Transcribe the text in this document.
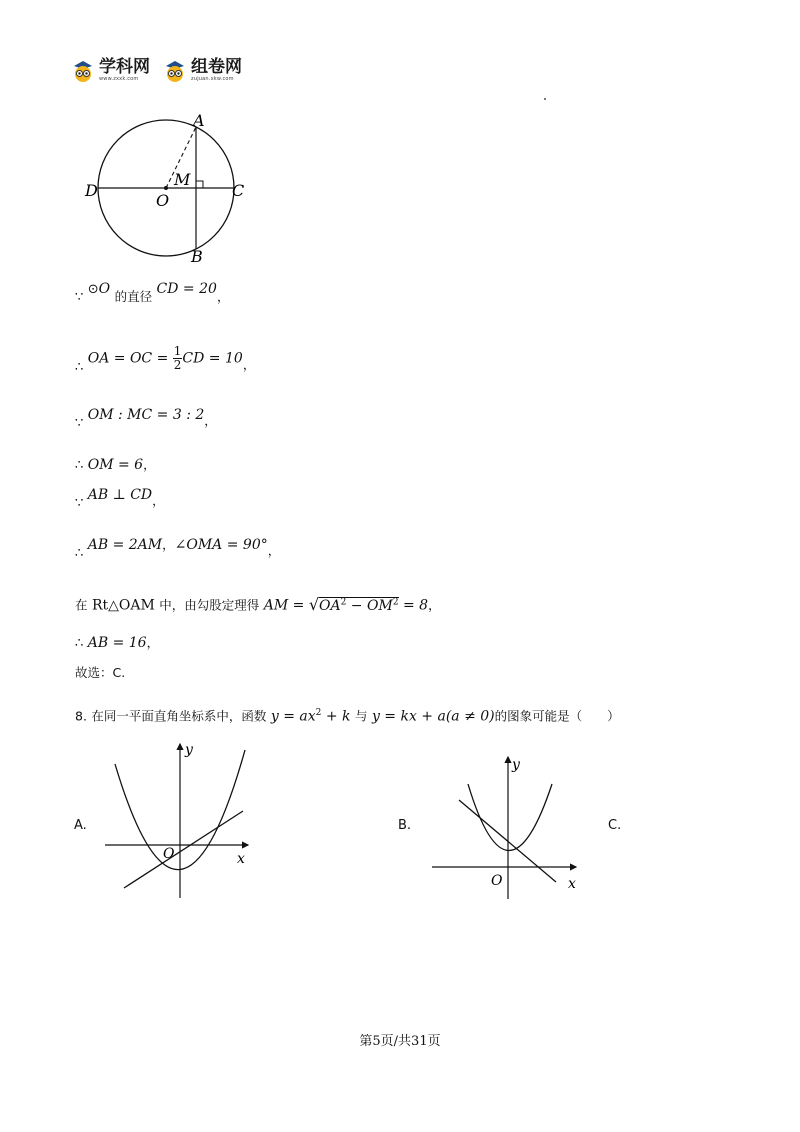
学科网
www.zxxk.com
组卷网
zujuan.xkw.com
A
B
C
D
O
M
∵ ⊙O 的直径 CD = 20，
∴ OA = OC = $\frac{1}{2}$ CD = 10，
∵ OM : MC = 3 : 2，
∴ OM = 6，
∵ AB ⊥ CD，
∴ AB = 2AM，∠OMA = 90°，
在 Rt△OAM 中，由勾股定理得 AM = $√OA^2 - OM^2 = 8$，
∴ AB = 16，
故选：C.
8. 在同一平面直角坐标系中，函数 $y = ax^2 + k$ 与 y = kx + a(a ≠ 0)的图象可能是（　　）
A.
y
x
O
B.
y
x
O
C.
第5页/共31页
